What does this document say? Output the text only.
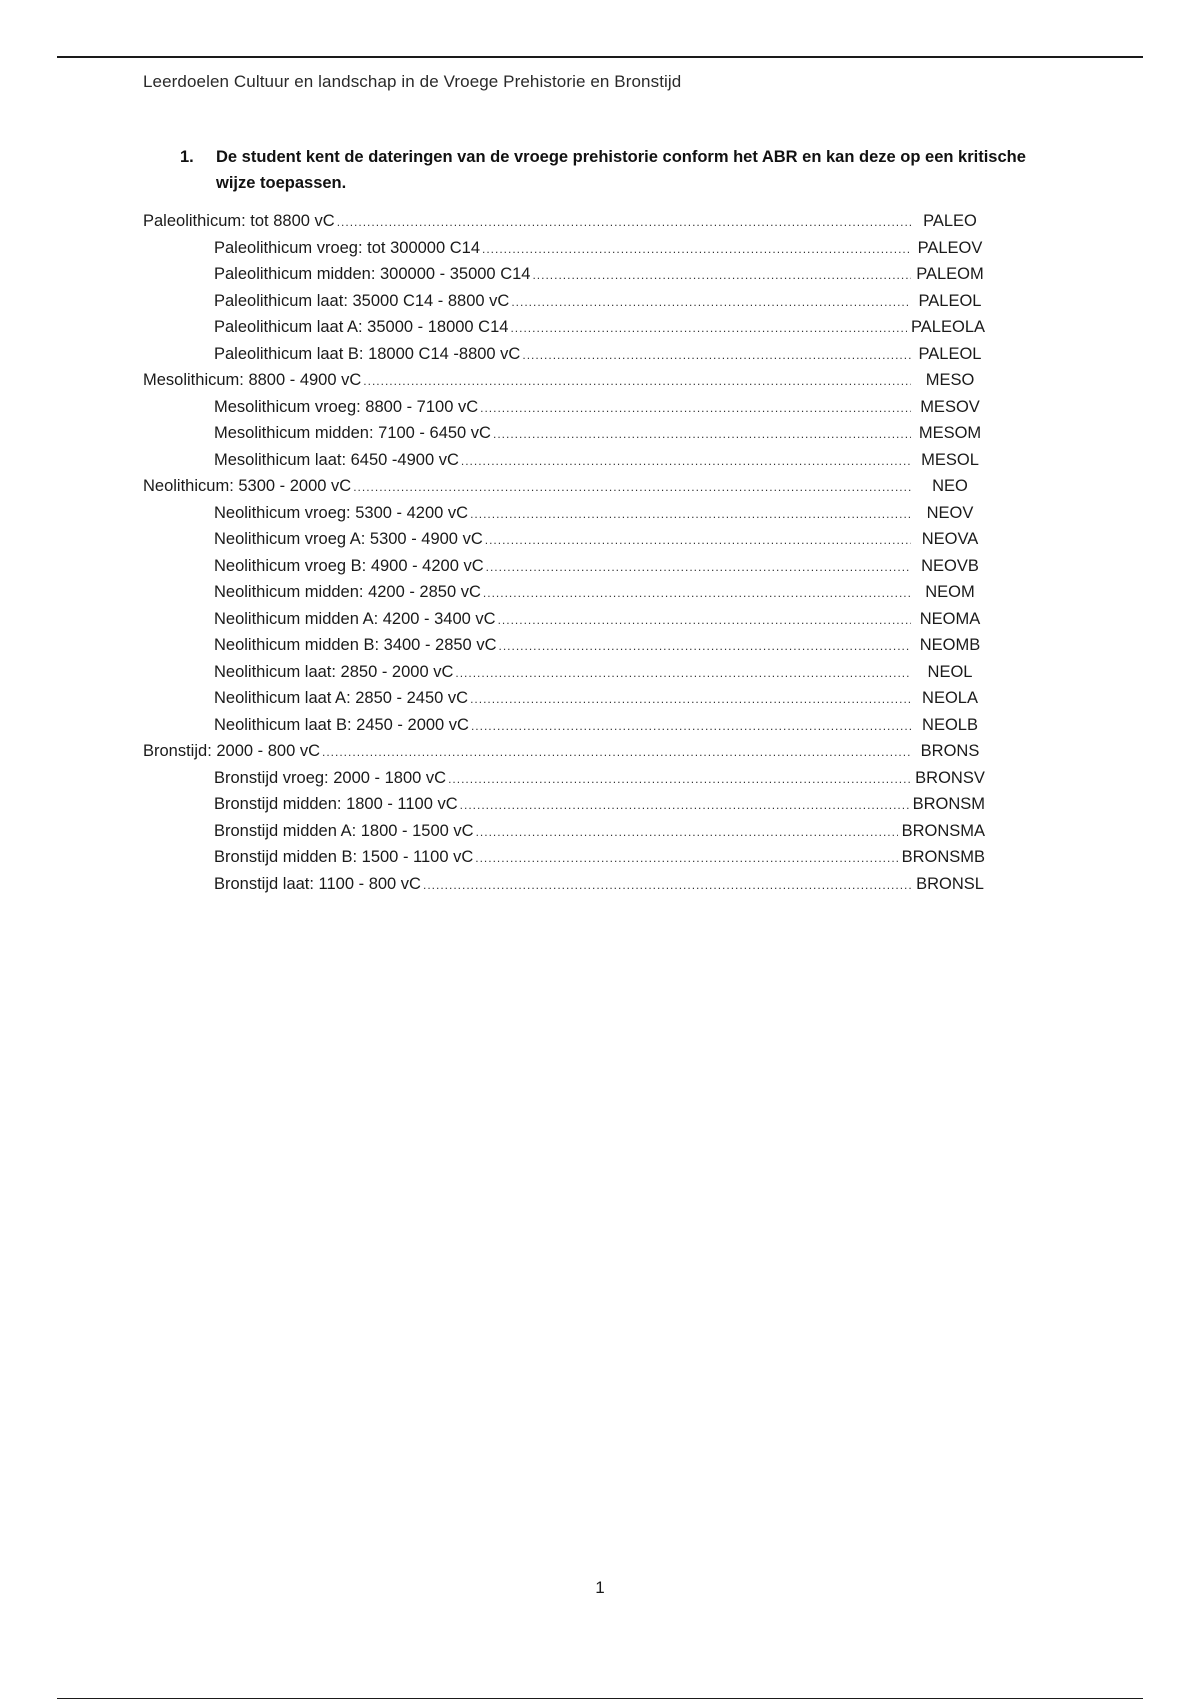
Leerdoelen Cultuur en landschap in de Vroege Prehistorie en Bronstijd
1.	De student kent de dateringen van de vroege prehistorie conform het ABR en kan deze op een kritische wijze toepassen.
Paleolithicum: tot 8800 vC .....	PALEO
Paleolithicum vroeg: tot 300000 C14 .....	PALEOV
Paleolithicum midden: 300000 - 35000 C14 .....	PALEOM
Paleolithicum laat: 35000 C14 - 8800 vC .....	PALEOL
Paleolithicum laat A: 35000 - 18000 C14 .....	PALEOLA
Paleolithicum laat B: 18000 C14 -8800 vC .....	PALEOL
Mesolithicum: 8800 - 4900 vC .....	MESO
Mesolithicum vroeg: 8800 - 7100 vC .....	MESOV
Mesolithicum midden: 7100 - 6450 vC .....	MESOM
Mesolithicum laat: 6450 -4900 vC .....	MESOL
Neolithicum: 5300 - 2000 vC .....	NEO
Neolithicum vroeg: 5300 - 4200 vC .....	NEOV
Neolithicum vroeg A: 5300 - 4900 vC .....	NEOVA
Neolithicum vroeg B: 4900 - 4200 vC .....	NEOVB
Neolithicum midden: 4200 - 2850 vC .....	NEOM
Neolithicum midden A: 4200 - 3400 vC .....	NEOMA
Neolithicum midden B: 3400 - 2850 vC .....	NEOMB
Neolithicum laat: 2850 - 2000 vC .....	NEOL
Neolithicum laat A: 2850 - 2450 vC .....	NEOLA
Neolithicum laat B: 2450 - 2000 vC .....	NEOLB
Bronstijd: 2000 - 800 vC .....	BRONS
Bronstijd vroeg: 2000 - 1800 vC .....	BRONSV
Bronstijd midden: 1800 - 1100 vC .....	BRONSM
Bronstijd midden A: 1800 - 1500 vC .....	BRONSMA
Bronstijd midden B: 1500 - 1100 vC .....	BRONSMB
Bronstijd laat: 1100 - 800 vC .....	BRONSL
1
